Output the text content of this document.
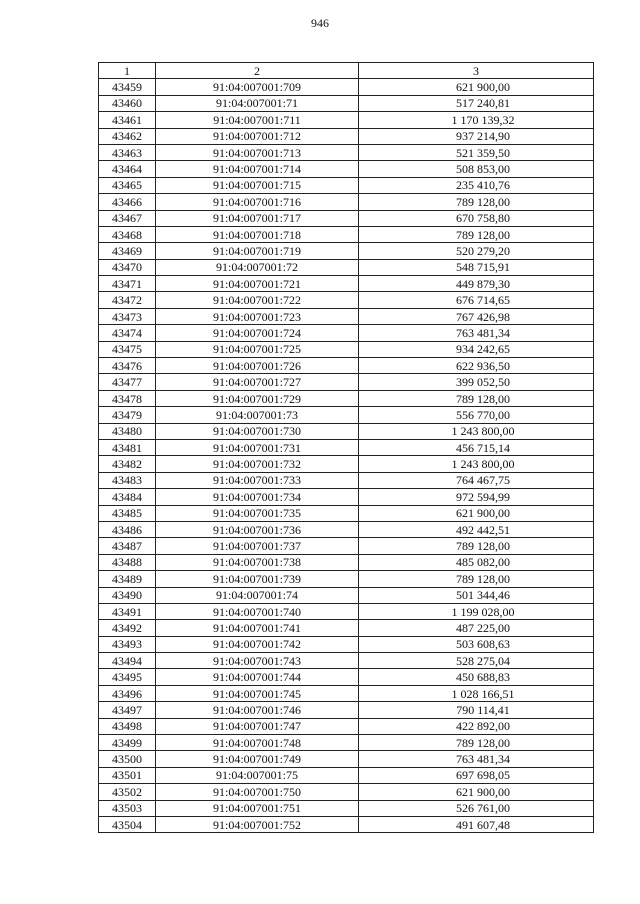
946
1	2	3
43459	91:04:007001:709	621 900,00
43460	91:04:007001:71	517 240,81
43461	91:04:007001:711	1 170 139,32
43462	91:04:007001:712	937 214,90
43463	91:04:007001:713	521 359,50
43464	91:04:007001:714	508 853,00
43465	91:04:007001:715	235 410,76
43466	91:04:007001:716	789 128,00
43467	91:04:007001:717	670 758,80
43468	91:04:007001:718	789 128,00
43469	91:04:007001:719	520 279,20
43470	91:04:007001:72	548 715,91
43471	91:04:007001:721	449 879,30
43472	91:04:007001:722	676 714,65
43473	91:04:007001:723	767 426,98
43474	91:04:007001:724	763 481,34
43475	91:04:007001:725	934 242,65
43476	91:04:007001:726	622 936,50
43477	91:04:007001:727	399 052,50
43478	91:04:007001:729	789 128,00
43479	91:04:007001:73	556 770,00
43480	91:04:007001:730	1 243 800,00
43481	91:04:007001:731	456 715,14
43482	91:04:007001:732	1 243 800,00
43483	91:04:007001:733	764 467,75
43484	91:04:007001:734	972 594,99
43485	91:04:007001:735	621 900,00
43486	91:04:007001:736	492 442,51
43487	91:04:007001:737	789 128,00
43488	91:04:007001:738	485 082,00
43489	91:04:007001:739	789 128,00
43490	91:04:007001:74	501 344,46
43491	91:04:007001:740	1 199 028,00
43492	91:04:007001:741	487 225,00
43493	91:04:007001:742	503 608,63
43494	91:04:007001:743	528 275,04
43495	91:04:007001:744	450 688,83
43496	91:04:007001:745	1 028 166,51
43497	91:04:007001:746	790 114,41
43498	91:04:007001:747	422 892,00
43499	91:04:007001:748	789 128,00
43500	91:04:007001:749	763 481,34
43501	91:04:007001:75	697 698,05
43502	91:04:007001:750	621 900,00
43503	91:04:007001:751	526 761,00
43504	91:04:007001:752	491 607,48
